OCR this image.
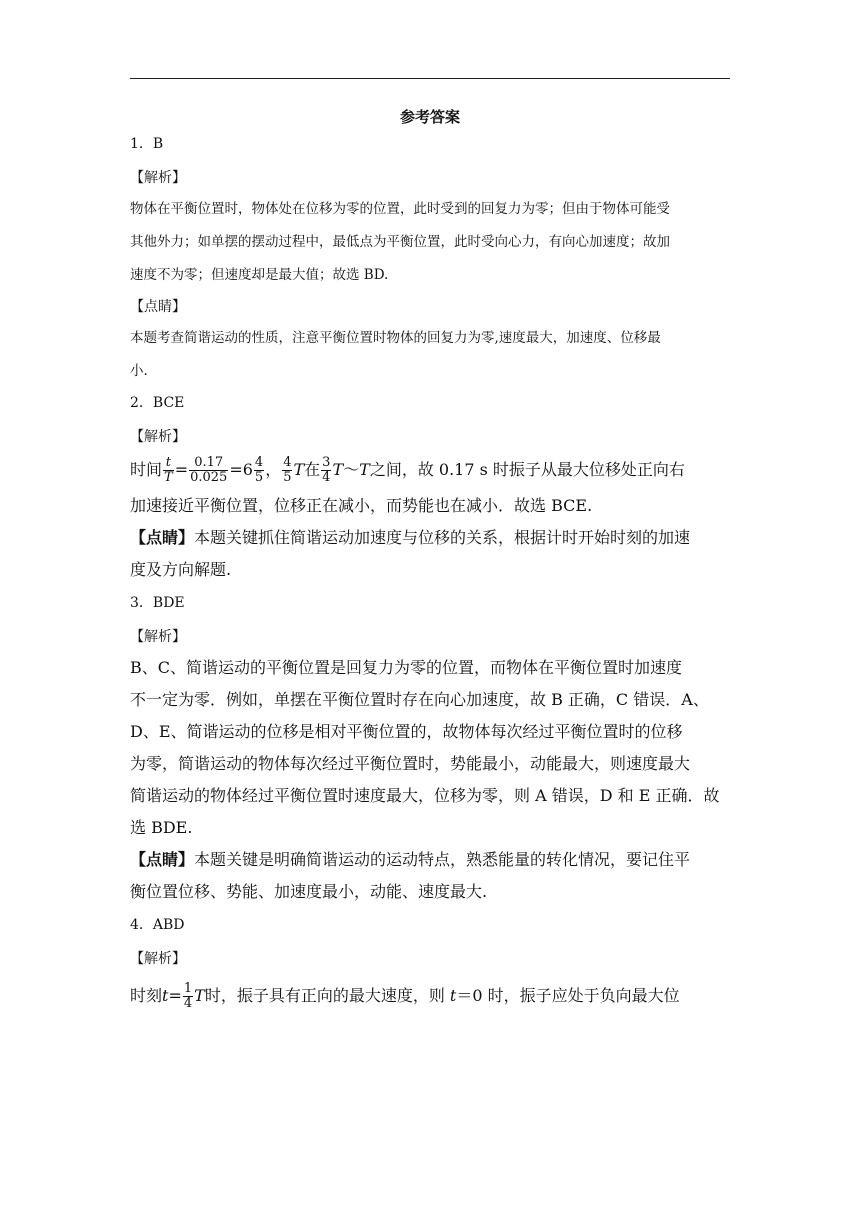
参考答案
1．B
【解析】
物体在平衡位置时，物体处在位移为零的位置，此时受到的回复力为零；但由于物体可能受
其他外力；如单摆的摆动过程中，最低点为平衡位置，此时受向心力，有向心加速度；故加
速度不为零；但速度却是最大值；故选 BD.
【点睛】
本题考查简谐运动的性质，注意平衡位置时物体的回复力为零,速度最大，加速度、位移最
小.
2．BCE
【解析】
时间 $\frac{t}{T} = \frac{0.17}{0.025} =6 \frac{4}{5}$ ， $\frac{4}{5}$ T在 $\frac{3}{4}$ T～T之间，故 0.17 s 时振子从最大位移处正向右
加速接近平衡位置，位移正在减小，而势能也在减小．故选 BCE.
【点睛】本题关键抓住简谐运动加速度与位移的关系，根据计时开始时刻的加速
度及方向解题.
3．BDE
【解析】
B、C、简谐运动的平衡位置是回复力为零的位置，而物体在平衡位置时加速度
不一定为零．例如，单摆在平衡位置时存在向心加速度，故 B 正确，C 错误．A、
D、E、简谐运动的位移是相对平衡位置的，故物体每次经过平衡位置时的位移
为零，简谐运动的物体每次经过平衡位置时，势能最小，动能最大，则速度最大
简谐运动的物体经过平衡位置时速度最大，位移为零，则 A 错误，D 和 E 正确．故
选 BDE.
【点睛】本题关键是明确简谐运动的运动特点，熟悉能量的转化情况，要记住平
衡位置位移、势能、加速度最小，动能、速度最大.
4．ABD
【解析】
时刻$t= \frac{1}{4}$ T时，振子具有正向的最大速度，则 t＝0 时，振子应处于负向最大位
